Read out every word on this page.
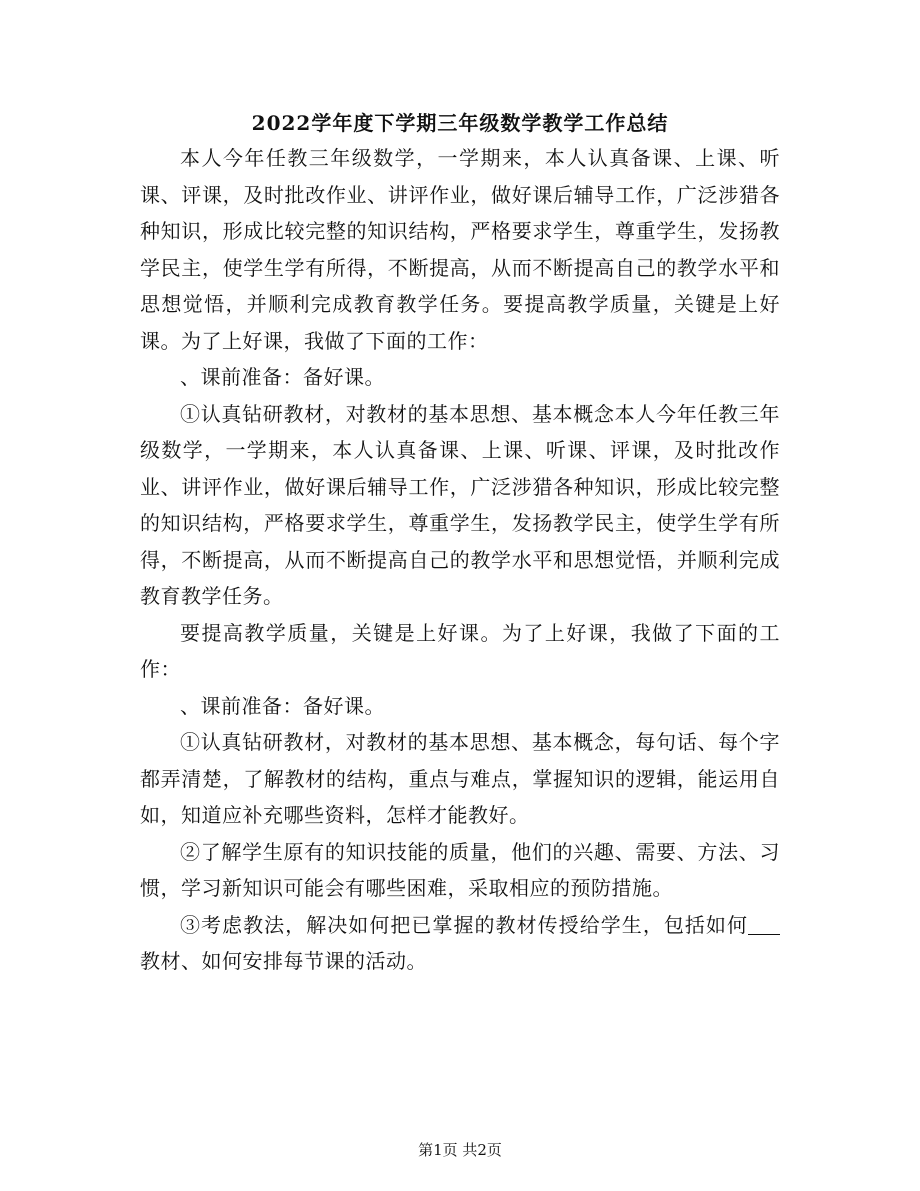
2022学年度下学期三年级数学教学工作总结

本人今年任教三年级数学，一学期来，本人认真备课、上课、听课、评课，及时批改作业、讲评作业，做好课后辅导工作，广泛涉猎各种知识，形成比较完整的知识结构，严格要求学生，尊重学生，发扬教学民主，使学生学有所得，不断提高，从而不断提高自己的教学水平和思想觉悟，并顺利完成教育教学任务。要提高教学质量，关键是上好课。为了上好课，我做了下面的工作：

、课前准备：备好课。

①认真钻研教材，对教材的基本思想、基本概念本人今年任教三年级数学，一学期来，本人认真备课、上课、听课、评课，及时批改作业、讲评作业，做好课后辅导工作，广泛涉猎各种知识，形成比较完整的知识结构，严格要求学生，尊重学生，发扬教学民主，使学生学有所得，不断提高，从而不断提高自己的教学水平和思想觉悟，并顺利完成教育教学任务。

要提高教学质量，关键是上好课。为了上好课，我做了下面的工作：

、课前准备：备好课。

①认真钻研教材，对教材的基本思想、基本概念，每句话、每个字都弄清楚，了解教材的结构，重点与难点，掌握知识的逻辑，能运用自如，知道应补充哪些资料，怎样才能教好。

②了解学生原有的知识技能的质量，他们的兴趣、需要、方法、习惯，学习新知识可能会有哪些困难，采取相应的预防措施。

③考虑教法，解决如何把已掌握的教材传授给学生，包括如何教材、如何安排每节课的活动。

第1页 共2页
